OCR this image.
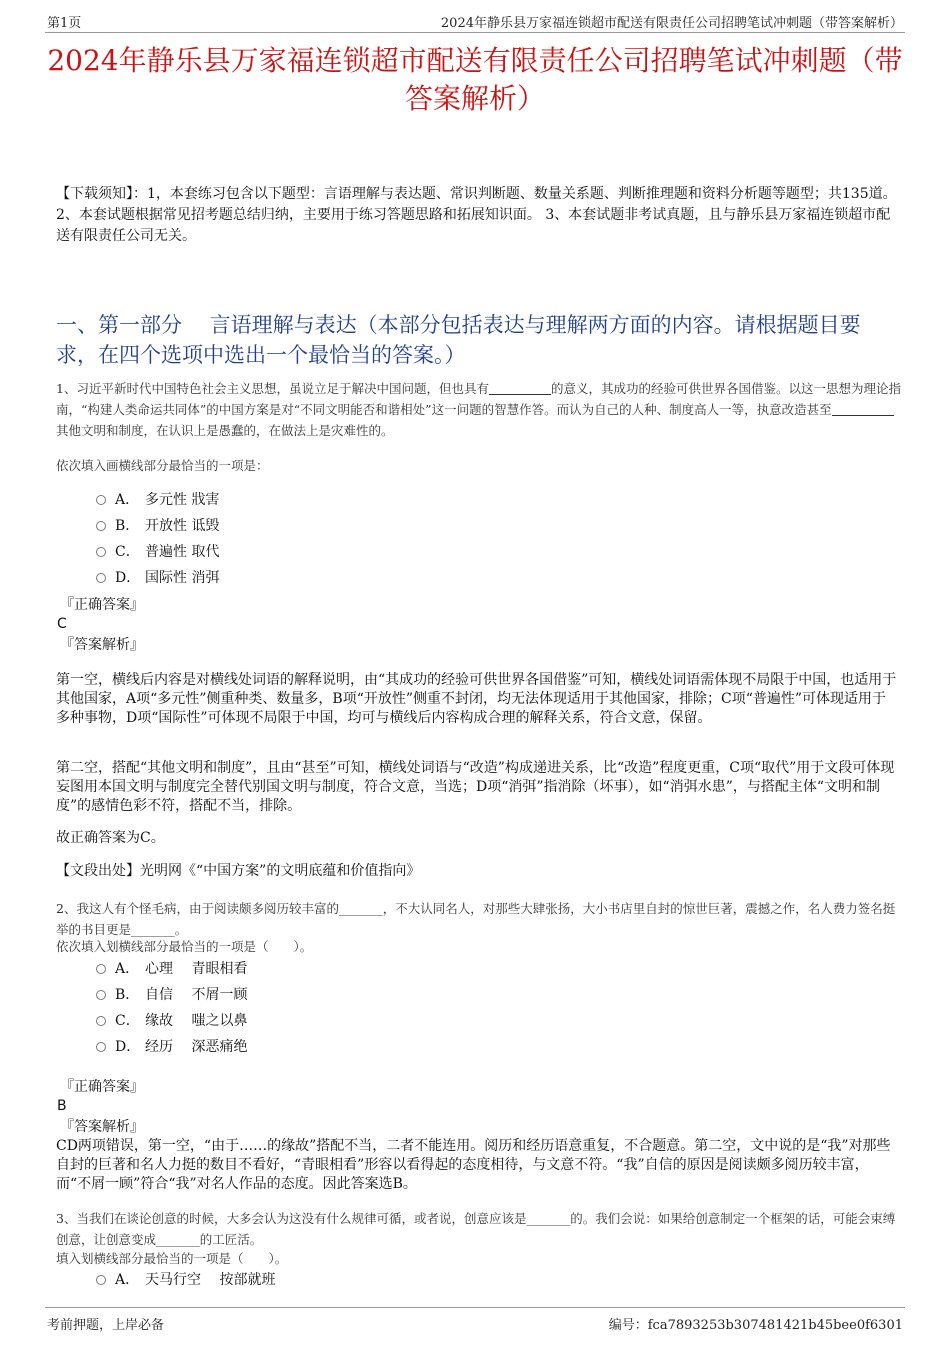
第1页	2024年静乐县万家福连锁超市配送有限责任公司招聘笔试冲刺题（带答案解析）
2024年静乐县万家福连锁超市配送有限责任公司招聘笔试冲刺题（带答案解析）
【下载须知】：1，本套练习包含以下题型：言语理解与表达题、常识判断题、数量关系题、判断推理题和资料分析题等题型；共135道。 2、本套试题根据常见招考题总结归纳，主要用于练习答题思路和拓展知识面。 3、本套试题非考试真题，且与静乐县万家福连锁超市配送有限责任公司无关。
一、第一部分　 言语理解与表达（本部分包括表达与理解两方面的内容。请根据题目要求，在四个选项中选出一个最恰当的答案。）
1、习近平新时代中国特色社会主义思想，虽说立足于解决中国问题，但也具有	的意义，其成功的经验可供世界各国借鉴。以这一思想为理论指南，“构建人类命运共同体”的中国方案是对“不同文明能否和谐相处”这一问题的智慧作答。而认为自己的人种、制度高人一等，执意改造甚至其他文明和制度，在认识上是愚蠢的，在做法上是灾难性的。
依次填入画横线部分最恰当的一项是：
A． 多元性 戕害
B． 开放性 诋毁
C． 普遍性 取代
D． 国际性 消弭
『正确答案』
C
『答案解析』
第一空，横线后内容是对横线处词语的解释说明，由“其成功的经验可供世界各国借鉴”可知，横线处词语需体现不局限于中国，也适用于其他国家，A项“多元性”侧重种类、数量多，B项“开放性”侧重不封闭，均无法体现适用于其他国家，排除；C项“普遍性”可体现适用于多种事物，D项“国际性”可体现不局限于中国，均可与横线后内容构成合理的解释关系，符合文意，保留。
第二空，搭配“其他文明和制度”，且由“甚至”可知，横线处词语与“改造”构成递进关系，比“改造”程度更重，C项“取代”用于文段可体现妄图用本国文明与制度完全替代别国文明与制度，符合文意，当选；D项“消弭”指消除（坏事），如“消弭水患”，与搭配主体“文明和制度”的感情色彩不符，搭配不当，排除。
故正确答案为C。
【文段出处】光明网《“中国方案”的文明底蕴和价值指向》
2、我这人有个怪毛病，由于阅读颇多阅历较丰富的_______，不大认同名人，对那些大肆张扬，大小书店里自封的惊世巨著，震撼之作，名人费力签名挺举的书目更是_______。
依次填入划横线部分最恰当的一项是（　　）。
A． 心理　 青眼相看
B． 自信　 不屑一顾
C． 缘故　 嗤之以鼻
D． 经历　 深恶痛绝
『正确答案』
B
『答案解析』
CD两项错误，第一空，“由于……的缘故”搭配不当，二者不能连用。阅历和经历语意重复，不合题意。第二空，文中说的是“我”对那些自封的巨著和名人力挺的数目不看好，“青眼相看”形容以看得起的态度相待，与文意不符。“我”自信的原因是阅读颇多阅历较丰富，而“不屑一顾”符合“我”对名人作品的态度。因此答案选B。
3、当我们在谈论创意的时候，大多会认为这没有什么规律可循，或者说，创意应该是_______的。我们会说：如果给创意制定一个框架的话，可能会束缚创意，让创意变成_______的工匠活。
填入划横线部分最恰当的一项是（　　）。
A． 天马行空　 按部就班
考前押题，上岸必备	编号：fca7893253b307481421b45bee0f6301
